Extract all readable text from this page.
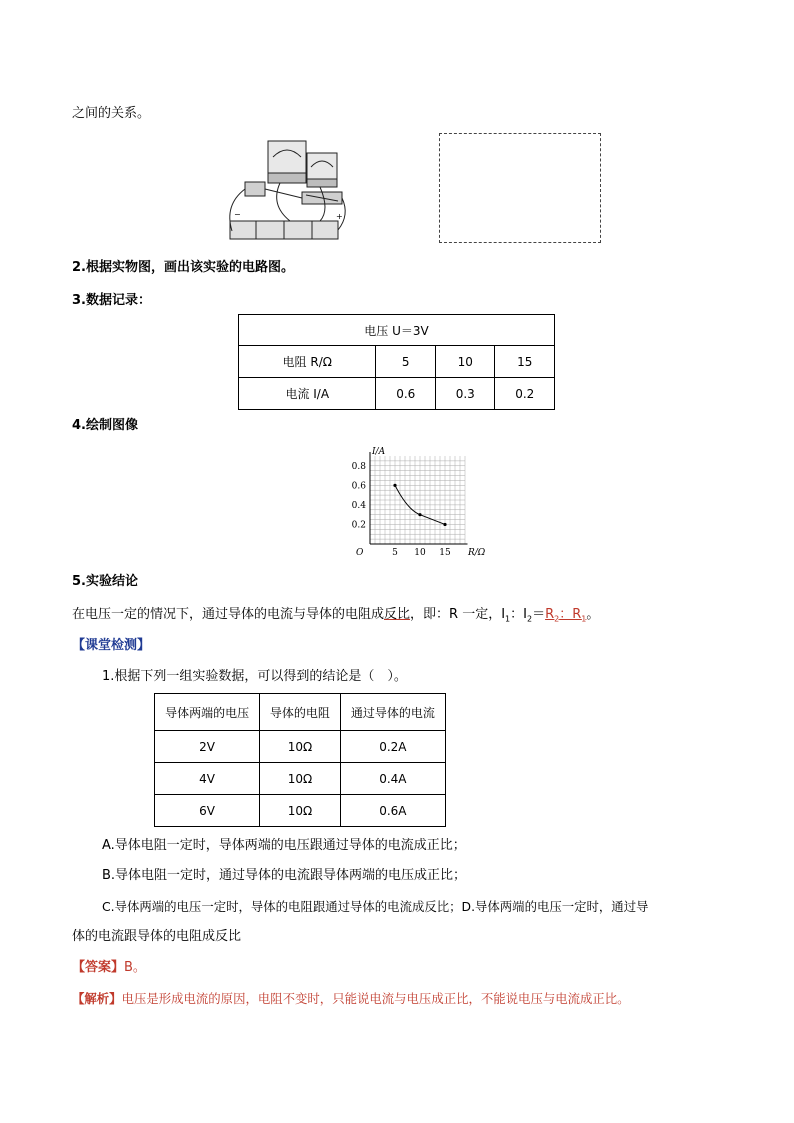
之间的关系。
−	+
2.根据实物图，画出该实验的电路图。
3.数据记录：
电压 U＝3V			
电阻 R/Ω	5	10	15
电流 I/A	0.6	0.3	0.2
4.绘制图像
0.2
0.4
0.6
0.8
5 10 15
O
I/A
R/Ω
5.实验结论
在电压一定的情况下，通过导体的电流与导体的电阻成反比，即：R 一定，$I_1$：$I_2=R_2$：$R_1$。
【课堂检测】
1.根据下列一组实验数据，可以得到的结论是（　）。
导体两端的电压	导体的电阻	通过导体的电流
2V	10Ω	0.2A
4V	10Ω	0.4A
6V	10Ω	0.6A
A.导体电阻一定时，导体两端的电压跟通过导体的电流成正比；
B.导体电阻一定时，通过导体的电流跟导体两端的电压成正比；
C.导体两端的电压一定时，导体的电阻跟通过导体的电流成反比；D.导体两端的电压一定时，通过导
体的电流跟导体的电阻成反比
【答案】B。
【解析】电压是形成电流的原因，电阻不变时，只能说电流与电压成正比，不能说电压与电流成正比。
